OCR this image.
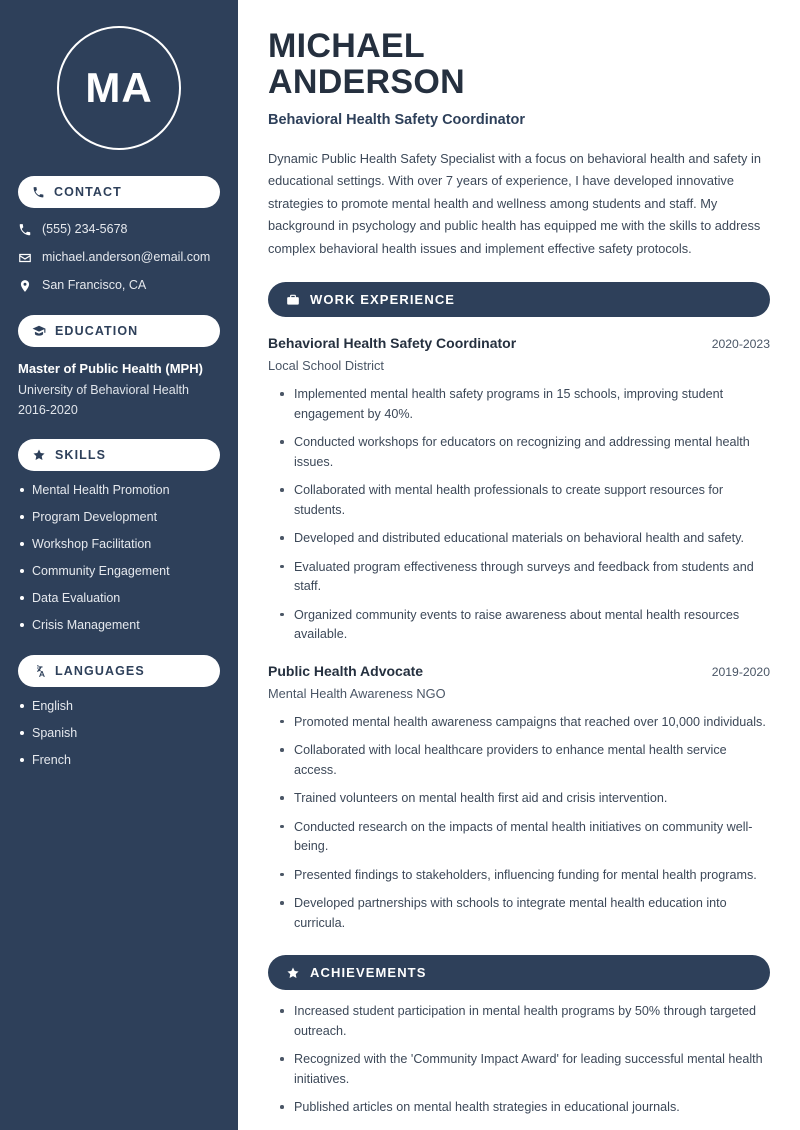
MA
CONTACT
(555) 234-5678
michael.anderson@email.com
San Francisco, CA
EDUCATION
Master of Public Health (MPH)
University of Behavioral Health
2016-2020
SKILLS
Mental Health Promotion
Program Development
Workshop Facilitation
Community Engagement
Data Evaluation
Crisis Management
LANGUAGES
English
Spanish
French
MICHAEL
ANDERSON
Behavioral Health Safety Coordinator

Dynamic Public Health Safety Specialist with a focus on behavioral health and safety in educational settings. With over 7 years of experience, I have developed innovative strategies to promote mental health and wellness among students and staff. My background in psychology and public health has equipped me with the skills to address complex behavioral health issues and implement effective safety protocols.

WORK EXPERIENCE
Behavioral Health Safety Coordinator	2020-2023
Local School District
Implemented mental health safety programs in 15 schools, improving student engagement by 40%.
Conducted workshops for educators on recognizing and addressing mental health issues.
Collaborated with mental health professionals to create support resources for students.
Developed and distributed educational materials on behavioral health and safety.
Evaluated program effectiveness through surveys and feedback from students and staff.
Organized community events to raise awareness about mental health resources available.
Public Health Advocate	2019-2020
Mental Health Awareness NGO
Promoted mental health awareness campaigns that reached over 10,000 individuals.
Collaborated with local healthcare providers to enhance mental health service access.
Trained volunteers on mental health first aid and crisis intervention.
Conducted research on the impacts of mental health initiatives on community well-being.
Presented findings to stakeholders, influencing funding for mental health programs.
Developed partnerships with schools to integrate mental health education into curricula.
ACHIEVEMENTS
Increased student participation in mental health programs by 50% through targeted outreach.
Recognized with the 'Community Impact Award' for leading successful mental health initiatives.
Published articles on mental health strategies in educational journals.
